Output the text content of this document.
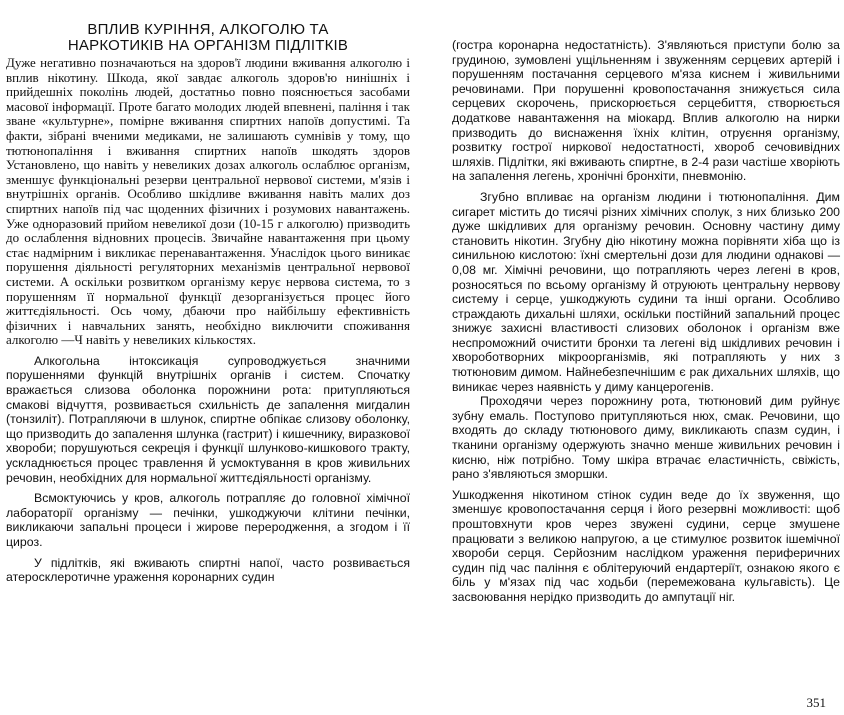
ВПЛИВ КУРІННЯ, АЛКОГОЛЮ ТА
НАРКОТИКІВ НА ОРГАНІЗМ ПІДЛІТКІВ

Дуже негативно позначаються на здоров'ї людини вживання алкоголю і вплив нікотину. Шкода, якої завдає алкоголь здоров'ю нинішніх і прийдешніх поколінь людей, достатньо повно пояснюється засобами масової інформації. Проте багато молодих людей впевнені, паління і так зване «культурне», помірне вживання спиртних напоїв допустимі. Та факти, зібрані вченими медиками, не залишають сумнівів у тому, що тютюнопаління і вживання спиртних напоїв шкодять здоров Установлено, що навіть у невеликих дозах алкоголь ослаблює організм, зменшує функціональні резерви центральної нервової системи, м'язів і внутрішніх органів. Особливо шкідливе вживання навіть малих доз спиртних напоїв під час щоденних фізичних і розумових навантажень. Уже одноразовий прийом невеликої дози (10-15 г алкоголю) призводить до ослаблення відновних процесів. Звичайне навантаження при цьому стає надмірним і викликає перенавантаження. Унаслідок цього виникає порушення діяльності регуляторних механізмів центральної нервової системи. А оскільки розвитком організму керує нервова система, то з порушенням її нормальної функції дезорганізується процес його життєдіяльності. Ось чому, дбаючи про найбільшу ефективність фізичних і навчальних занять, необхідно виключити споживання алкоголю —Ч навіть у невеликих кількостях.

Алкогольна інтоксикація супроводжується значними порушеннями функцій внутрішніх органів і систем. Спочатку вражається слизова оболонка порожнини рота: притупляються смакові відчуття, розвивається схильність де запалення мигдалин (тонзиліт). Потрапляючи в шлунок, спиртне обпікає слизову оболонку, що призводить до запалення шлунка (гастрит) і кишечнику, виразкової хвороби; порушуються секреція і функції шлунково-кишкового тракту, ускладнюється процес травлення й усмоктування в кров живильних речовин, необхідних для нормальної життєдіяльності організму.

Всмоктуючись у кров, алкоголь потрапляє до головної хімічної лабораторії організму — печінки, ушкоджуючи клітини печінки, викликаючи запальні процеси і жирове переродження, а згодом і її цироз.

У підлітків, які вживають спиртні напої, часто розвивається атеросклеротичне ураження коронарних судин

(гостра коронарна недостатність). З'являються приступи болю за грудиною, зумовлені ущільненням і звуженням серцевих артерій і порушенням постачання серцевого м'яза киснем і живильними речовинами. При порушенні кровопостачання знижується сила серцевих скорочень, прискорюється серцебиття, створюється додаткове навантаження на міокард. Вплив алкоголю на нирки призводить до виснаження їхніх клітин, отруєння організму, розвитку гострої ниркової недостатності, хвороб сечовивідних шляхів. Підлітки, які вживають спиртне, в 2-4 рази частіше хворіють на запалення легень, хронічні бронхіти, пневмонію.

Згубно впливає на організм людини і тютюнопаління. Дим сигарет містить до тисячі різних хімічних сполук, з них близько 200 дуже шкідливих для організму речовин. Основну частину диму становить нікотин. Згубну дію нікотину можна порівняти хіба що із синильною кислотою: їхні смертельні дози для людини однакові — 0,08 мг. Хімічні речовини, що потрапляють через легені в кров, розносяться по всьому організму й отруюють центральну нервову систему і серце, ушкоджують судини та інші органи. Особливо страждають дихальні шляхи, оскільки постійний запальний процес знижує захисні властивості слизових оболонок і організм вже неспроможний очистити бронхи та легені від шкідливих речовин і хвороботворних мікроорганізмів, які потрапляють у них з тютюновим димом. Найнебезпечнішим є рак дихальних шляхів, що виникає через наявність у диму канцерогенів.

Проходячи через порожнину рота, тютюновий дим руйнує зубну емаль. Поступово притупляються нюх, смак. Речовини, що входять до складу тютюнового диму, викликають спазм судин, і тканини організму одержують значно менше живильних речовин і кисню, ніж потрібно. Тому шкіра втрачає еластичність, свіжість, рано з'являються зморшки.

Ушкодження нікотином стінок судин веде до їх звуження, що зменшує кровопостачання серця і його резервні можливості: щоб проштовхнути кров через звужені судини, серце змушене працювати з великою напругою, а це стимулює розвиток ішемічної хвороби серця. Серйозним наслідком ураження периферичних судин під час паління є облітеруючий ендартеріїт, ознакою якого є біль у м'язах під час ходьби (перемежована кульгавість). Це засвоювання нерідко призводить до ампутації ніг.

351
